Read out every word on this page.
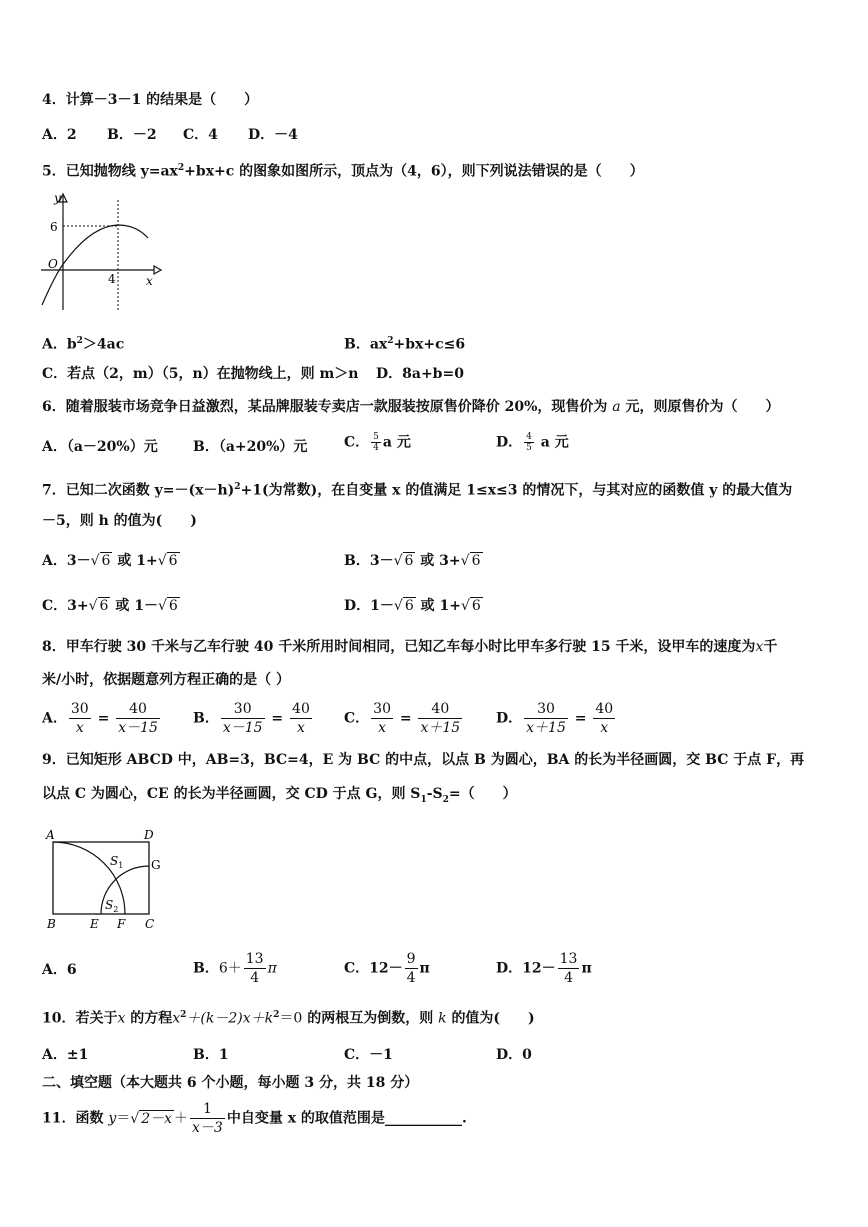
4．计算－3－1 的结果是（　　）
A．2 B．－2 C．4 D．－4
5．已知抛物线 $y=ax^2+bx+c$ 的图象如图所示，顶点为（4，6），则下列说法错误的是（　　）
y
6
O
4	x
A．$b^2>4ac$	B．$ax^2+bx+c\le 6$
C．若点（2，m）（5，n）在抛物线上，则 m＞n D．8a+b=0
6．随着服装市场竞争日益激烈，某品牌服装专卖店一款服装按原售价降价 20%，现售价为 a 元，则原售价为（　　）
A．（a－20%）元	B．（a+20%）元	C． $\frac{5}{4}$ a 元	D． $\frac{4}{5}$ a 元
7．已知二次函数 $y=-(x-h)^2+1$(为常数)，在自变量 x 的值满足 1≤x≤3 的情况下，与其对应的函数值 y 的最大值为
－5，则 h 的值为(　　)
A．3－√ 6 或 1+√ 6	B．3－√ 6 或 3+√ 6
C．3+√ 6 或 1－√ 6	D．1－√ 6 或 1+√ 6
8．甲车行驶 30 千米与乙车行驶 40 千米所用时间相同，已知乙车每小时比甲车多行驶 15 千米，设甲车的速度为x千
米/小时，依据题意列方程正确的是（ ）
A． $\frac{30}{x} = \frac{40}{x-15}$ B． $\frac{30}{x-15} = \frac{40}{x}$ C． $\frac{30}{x} = \frac{40}{x+15}$ D． $\frac{30}{x+15} = \frac{40}{x}$
9．已知矩形 ABCD 中，AB=3，BC=4，E 为 BC 的中点，以点 B 为圆心，BA 的长为半径画圆，交 BC 于点 F，再
以点 C 为圆心，CE 的长为半径画圆，交 CD 于点 G，则 $S_1-S_2=$（　　）
A	D
G
B	E F C
$S_1$
$S_2$
A．6	B．$6+ \frac{13}{4}$ π	C．$12- \frac{9}{4}$ π	D．$12- \frac{13}{4}$ π
10．若关于x 的方程$x^2+(k-2)x+k^2=0$ 的两根互为倒数，则 k 的值为(　　)
A．±1	B．1	C．－1	D．0
二、填空题（本大题共 6 个小题，每小题 3 分，共 18 分）
11．函数 y＝√ $2-x + \frac{1}{x-3}$ 中自变量 x 的取值范围是___________.
